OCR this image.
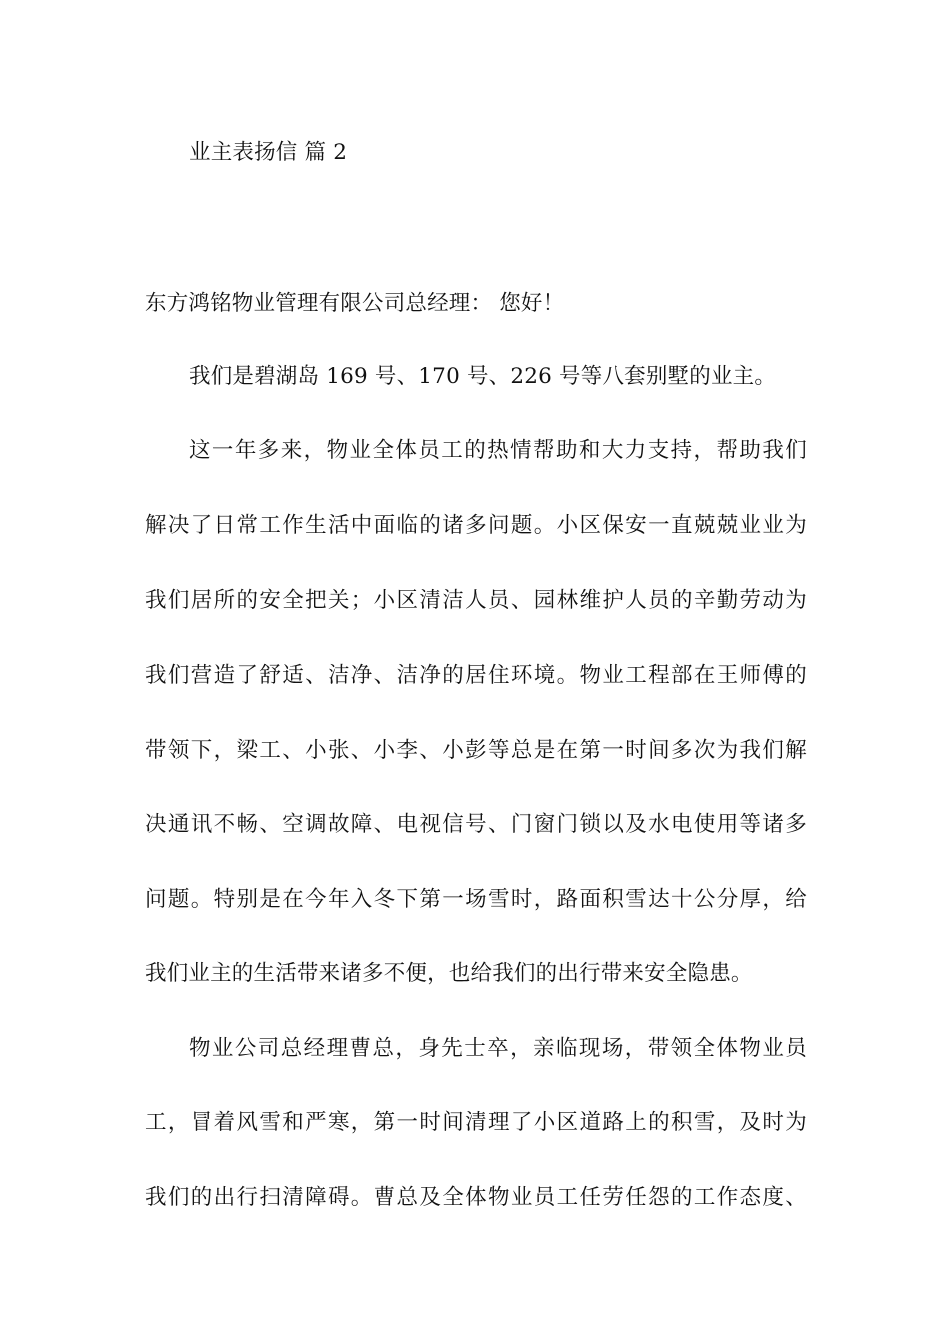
业主表扬信 篇 2
东方鸿铭物业管理有限公司总经理： 您好！
我们是碧湖岛 169 号、170 号、226 号等八套别墅的业主。
这一年多来，物业全体员工的热情帮助和大力支持，帮助我们
解决了日常工作生活中面临的诸多问题。小区保安一直兢兢业业为
我们居所的安全把关；小区清洁人员、园林维护人员的辛勤劳动为
我们营造了舒适、洁净、洁净的居住环境。物业工程部在王师傅的
带领下，梁工、小张、小李、小彭等总是在第一时间多次为我们解
决通讯不畅、空调故障、电视信号、门窗门锁以及水电使用等诸多
问题。特别是在今年入冬下第一场雪时，路面积雪达十公分厚，给
我们业主的生活带来诸多不便，也给我们的出行带来安全隐患。
物业公司总经理曹总，身先士卒，亲临现场，带领全体物业员
工，冒着风雪和严寒，第一时间清理了小区道路上的积雪，及时为
我们的出行扫清障碍。曹总及全体物业员工任劳任怨的工作态度、
